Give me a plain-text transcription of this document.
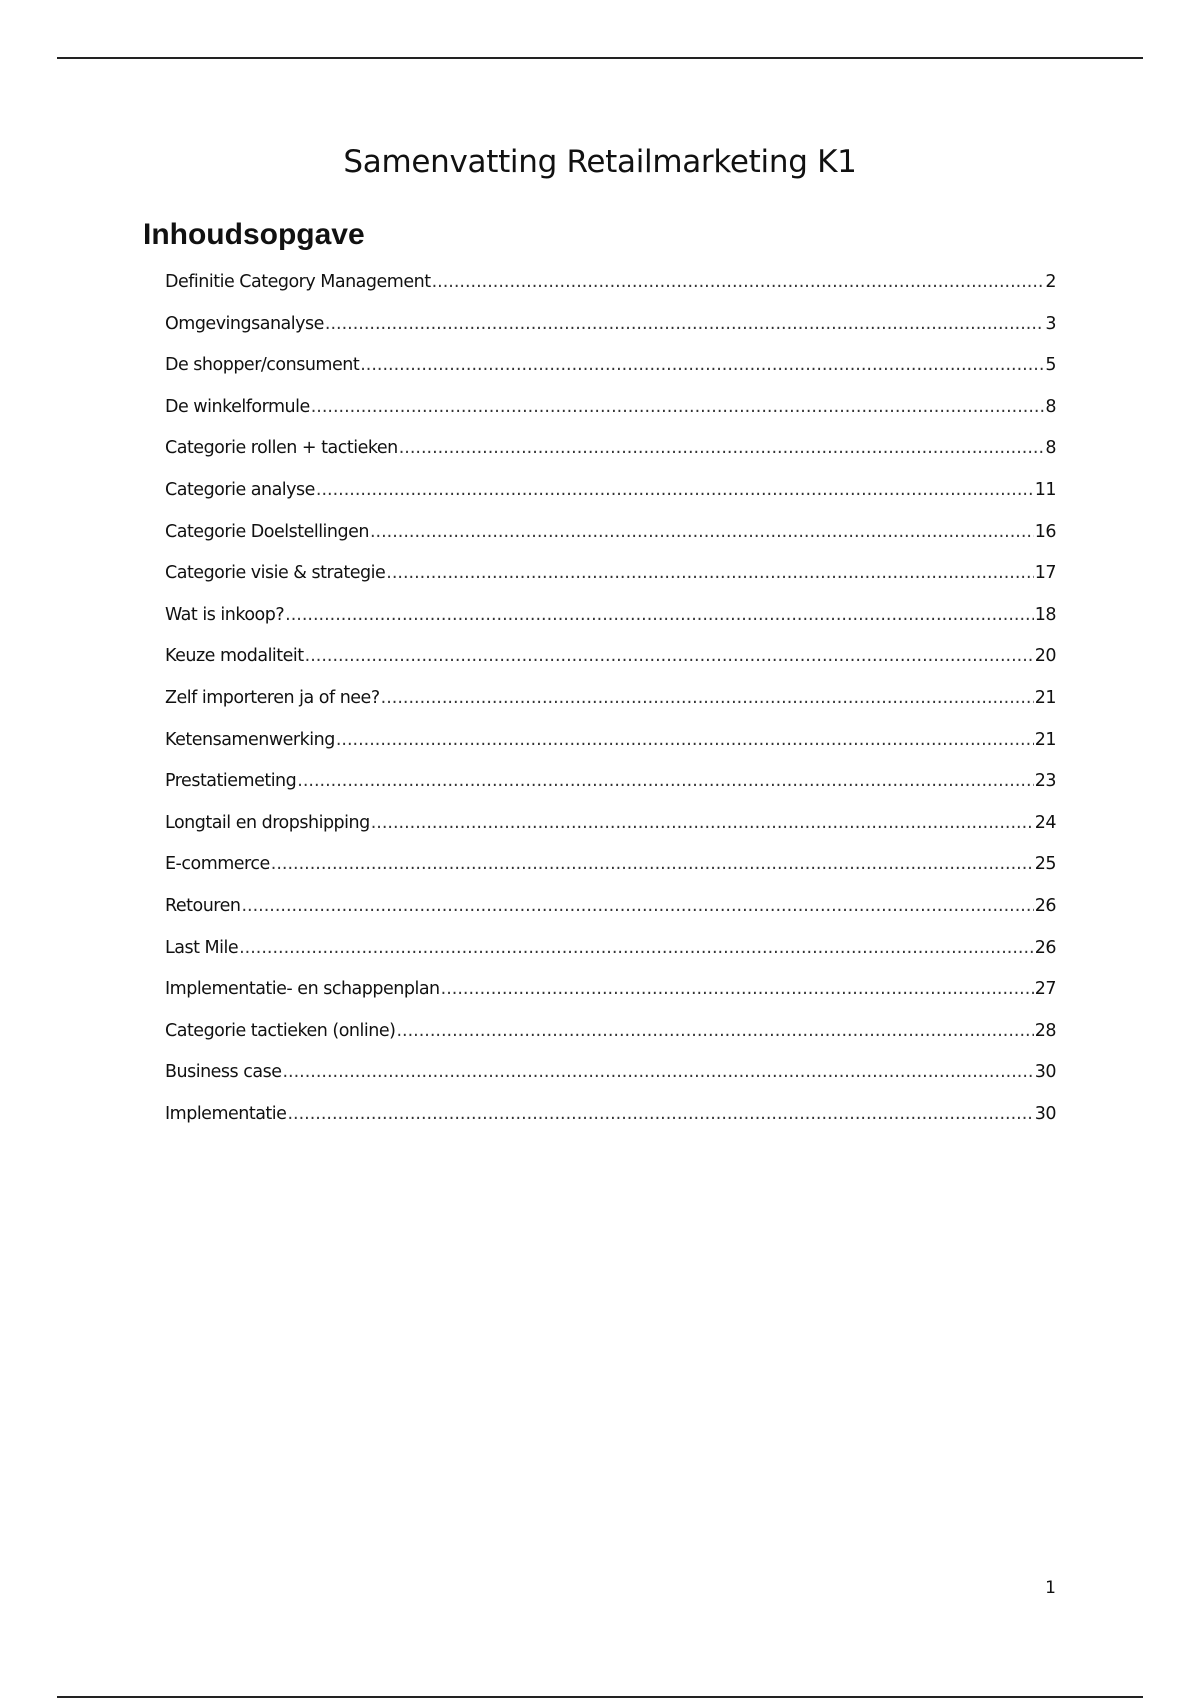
Samenvatting Retailmarketing K1
Inhoudsopgave
Definitie Category Management .....	2
Omgevingsanalyse .....	3
De shopper/consument .....	5
De winkelformule .....	8
Categorie rollen + tactieken .....	8
Categorie analyse .....	11
Categorie Doelstellingen .....	16
Categorie visie & strategie .....	17
Wat is inkoop? .....	18
Keuze modaliteit .....	20
Zelf importeren ja of nee? .....	21
Ketensamenwerking .....	21
Prestatiemeting .....	23
Longtail en dropshipping .....	24
E-commerce .....	25
Retouren .....	26
Last Mile .....	26
Implementatie- en schappenplan .....	27
Categorie tactieken (online) .....	28
Business case .....	30
Implementatie .....	30
1
